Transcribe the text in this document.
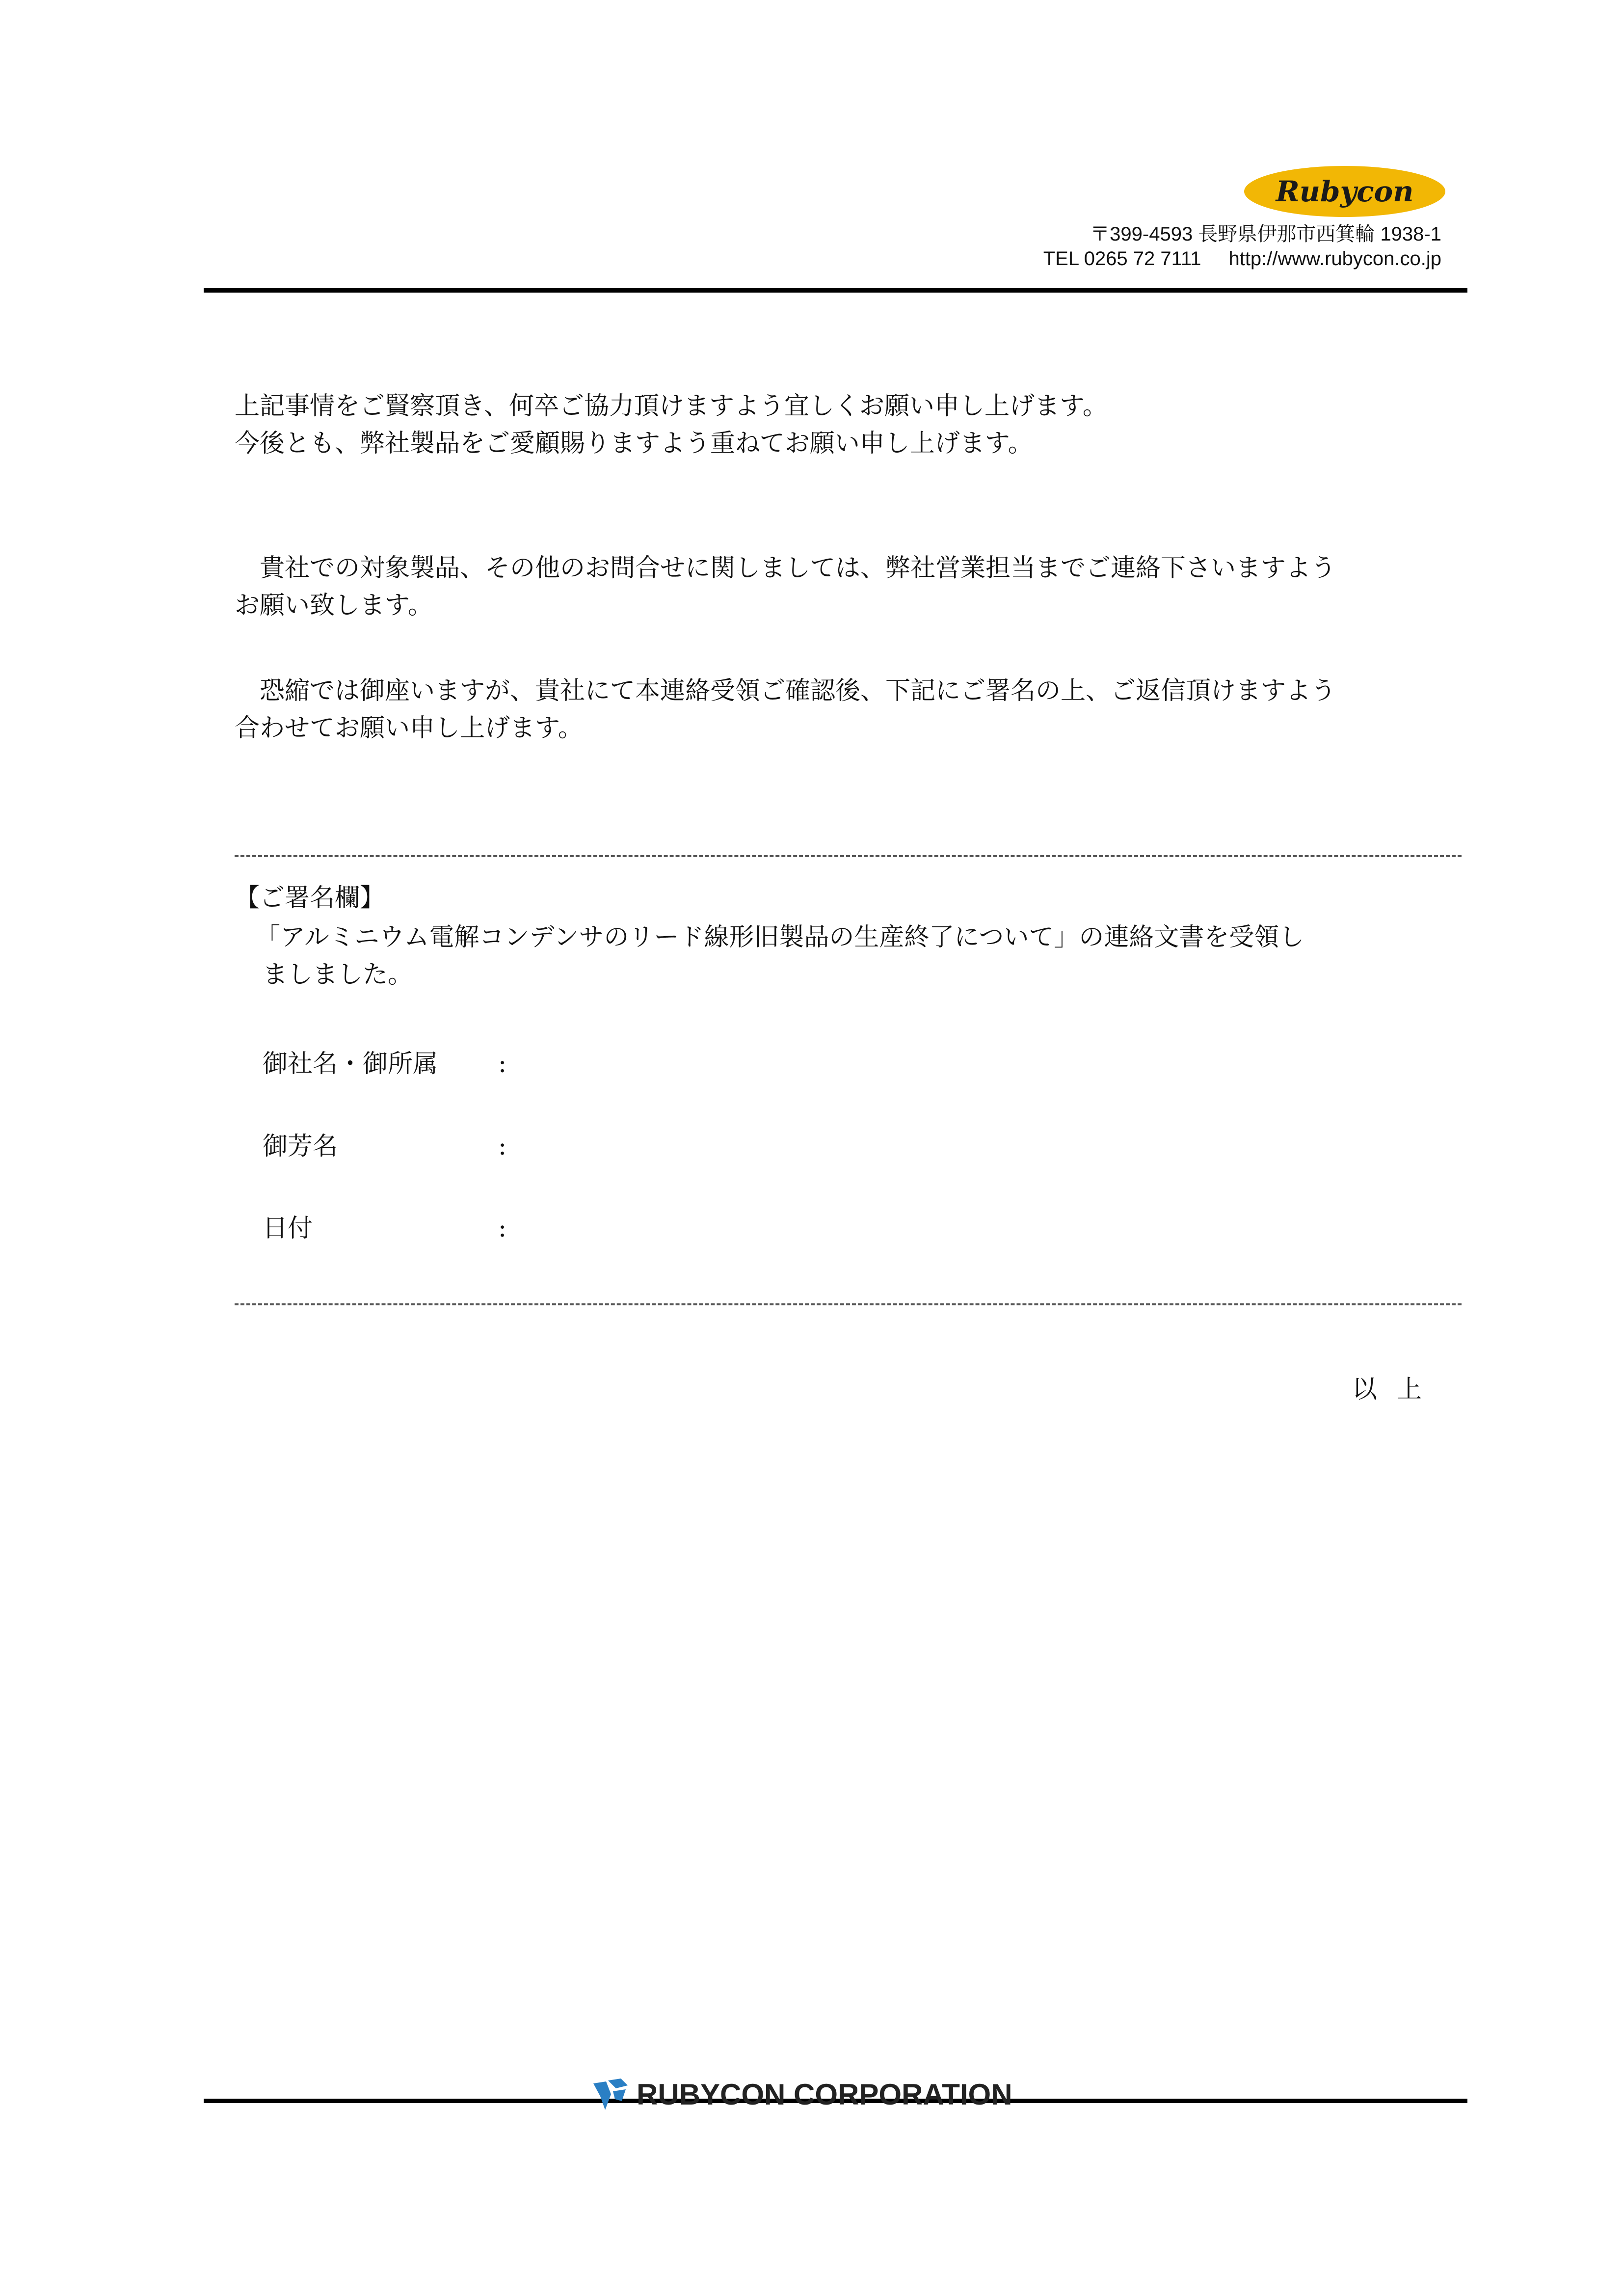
Rubycon
〒399-4593 長野県伊那市西箕輪 1938-1
TEL 0265 72 7111 http://www.rubycon.co.jp
上記事情をご賢察頂き、何卒ご協力頂けますよう宜しくお願い申し上げます。
今後とも、弊社製品をご愛顧賜りますよう重ねてお願い申し上げます。
　貴社での対象製品、その他のお問合せに関しましては、弊社営業担当までご連絡下さいますよう
お願い致します。
　恐縮では御座いますが、貴社にて本連絡受領ご確認後、下記にご署名の上、ご返信頂けますよう
合わせてお願い申し上げます。
【ご署名欄】
「アルミニウム電解コンデンサのリード線形旧製品の生産終了について」の連絡文書を受領し
ましました。
御社名・御所属 :
御芳名	:
日付	:
以上
RUBYCON CORPORATION
